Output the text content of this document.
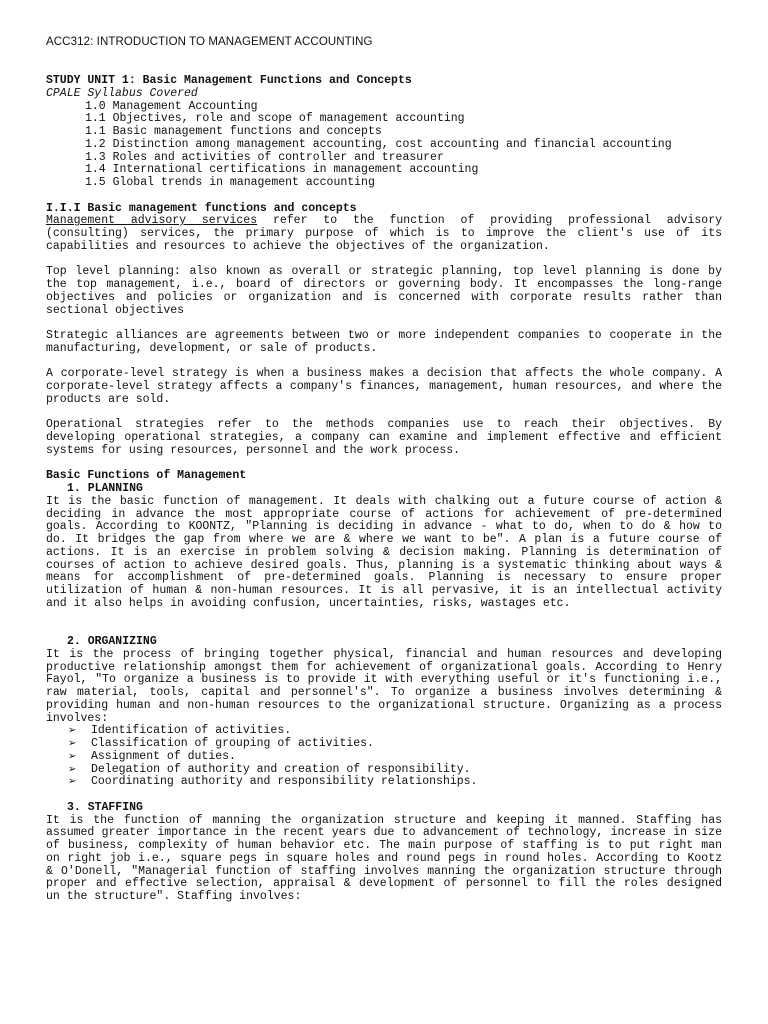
ACC312: INTRODUCTION TO MANAGEMENT ACCOUNTING
STUDY UNIT 1: Basic Management Functions and Concepts
CPALE Syllabus Covered
1.0 Management Accounting
1.1 Objectives, role and scope of management accounting
1.1 Basic management functions and concepts
1.2 Distinction among management accounting, cost accounting and financial accounting
1.3 Roles and activities of controller and treasurer
1.4 International certifications in management accounting
1.5 Global trends in management accounting
I.I.I Basic management functions and concepts
Management advisory services refer to the function of providing professional advisory (consulting) services, the primary purpose of which is to improve the client's use of its capabilities and resources to achieve the objectives of the organization.
Top level planning: also known as overall or strategic planning, top level planning is done by the top management, i.e., board of directors or governing body. It encompasses the long-range objectives and policies or organization and is concerned with corporate results rather than sectional objectives
Strategic alliances are agreements between two or more independent companies to cooperate in the manufacturing, development, or sale of products.
A corporate-level strategy is when a business makes a decision that affects the whole company. A corporate-level strategy affects a company's finances, management, human resources, and where the products are sold.
Operational strategies refer to the methods companies use to reach their objectives. By developing operational strategies, a company can examine and implement effective and efficient systems for using resources, personnel and the work process.
Basic Functions of Management
1. PLANNING
It is the basic function of management. It deals with chalking out a future course of action & deciding in advance the most appropriate course of actions for achievement of pre-determined goals. According to KOONTZ, "Planning is deciding in advance - what to do, when to do & how to do. It bridges the gap from where we are & where we want to be". A plan is a future course of actions. It is an exercise in problem solving & decision making. Planning is determination of courses of action to achieve desired goals. Thus, planning is a systematic thinking about ways & means for accomplishment of pre-determined goals. Planning is necessary to ensure proper utilization of human & non-human resources. It is all pervasive, it is an intellectual activity and it also helps in avoiding confusion, uncertainties, risks, wastages etc.
2. ORGANIZING
It is the process of bringing together physical, financial and human resources and developing productive relationship amongst them for achievement of organizational goals. According to Henry Fayol, "To organize a business is to provide it with everything useful or it's functioning i.e., raw material, tools, capital and personnel's". To organize a business involves determining & providing human and non-human resources to the organizational structure. Organizing as a process involves:
➢ Identification of activities.
➢ Classification of grouping of activities.
➢ Assignment of duties.
➢ Delegation of authority and creation of responsibility.
➢ Coordinating authority and responsibility relationships.
3. STAFFING
It is the function of manning the organization structure and keeping it manned. Staffing has assumed greater importance in the recent years due to advancement of technology, increase in size of business, complexity of human behavior etc. The main purpose of staffing is to put right man on right job i.e., square pegs in square holes and round pegs in round holes. According to Kootz & O'Donell, "Managerial function of staffing involves manning the organization structure through proper and effective selection, appraisal & development of personnel to fill the roles designed un the structure". Staffing involves:
